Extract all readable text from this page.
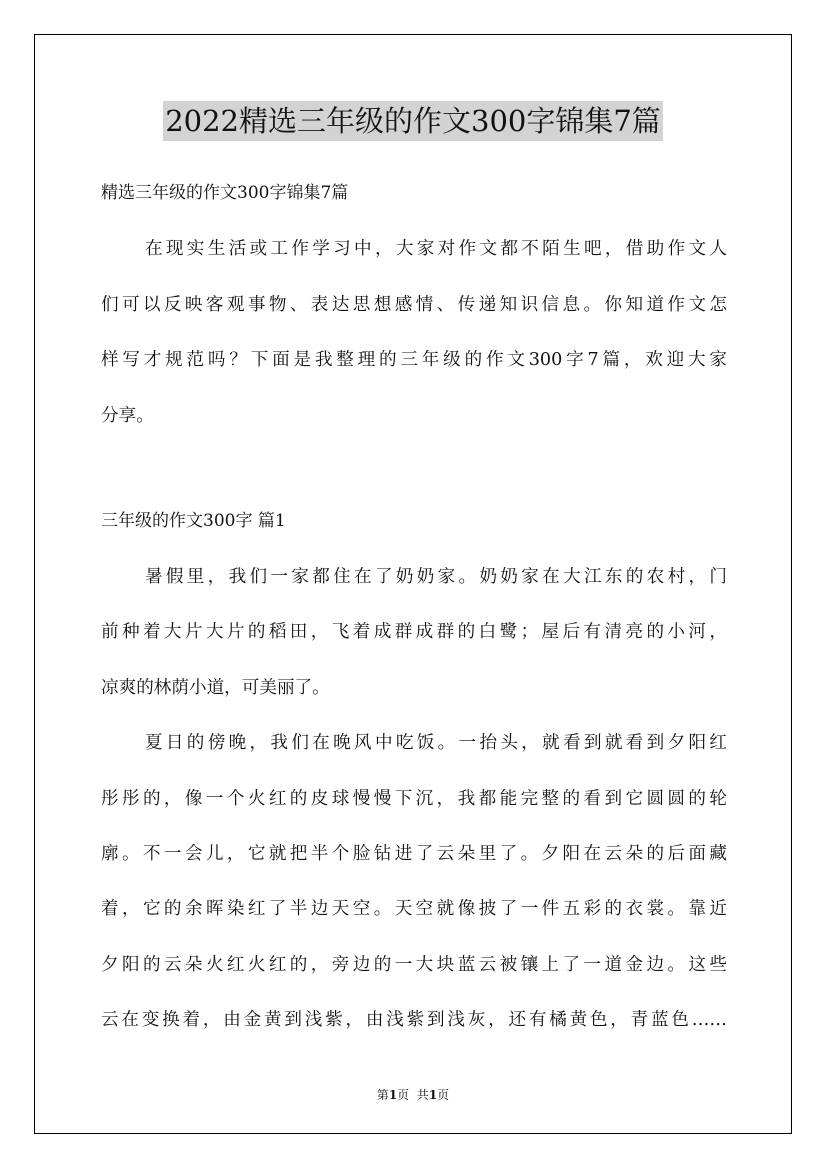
2022精选三年级的作文300字锦集7篇
精选三年级的作文300字锦集7篇
在现实生活或工作学习中，大家对作文都不陌生吧，借助作文人
们可以反映客观事物、表达思想感情、传递知识信息。你知道作文怎
样写才规范吗？下面是我整理的三年级的作文300字7篇，欢迎大家
分享。
三年级的作文300字 篇1
暑假里，我们一家都住在了奶奶家。奶奶家在大江东的农村，门
前种着大片大片的稻田，飞着成群成群的白鹭；屋后有清亮的小河，
凉爽的林荫小道，可美丽了。
夏日的傍晚，我们在晚风中吃饭。一抬头，就看到就看到夕阳红
彤彤的，像一个火红的皮球慢慢下沉，我都能完整的看到它圆圆的轮
廓。不一会儿，它就把半个脸钻进了云朵里了。夕阳在云朵的后面藏
着，它的余晖染红了半边天空。天空就像披了一件五彩的衣裳。靠近
夕阳的云朵火红火红的，旁边的一大块蓝云被镶上了一道金边。这些
云在变换着，由金黄到浅紫，由浅紫到浅灰，还有橘黄色，青蓝色……
第1页  共1页
